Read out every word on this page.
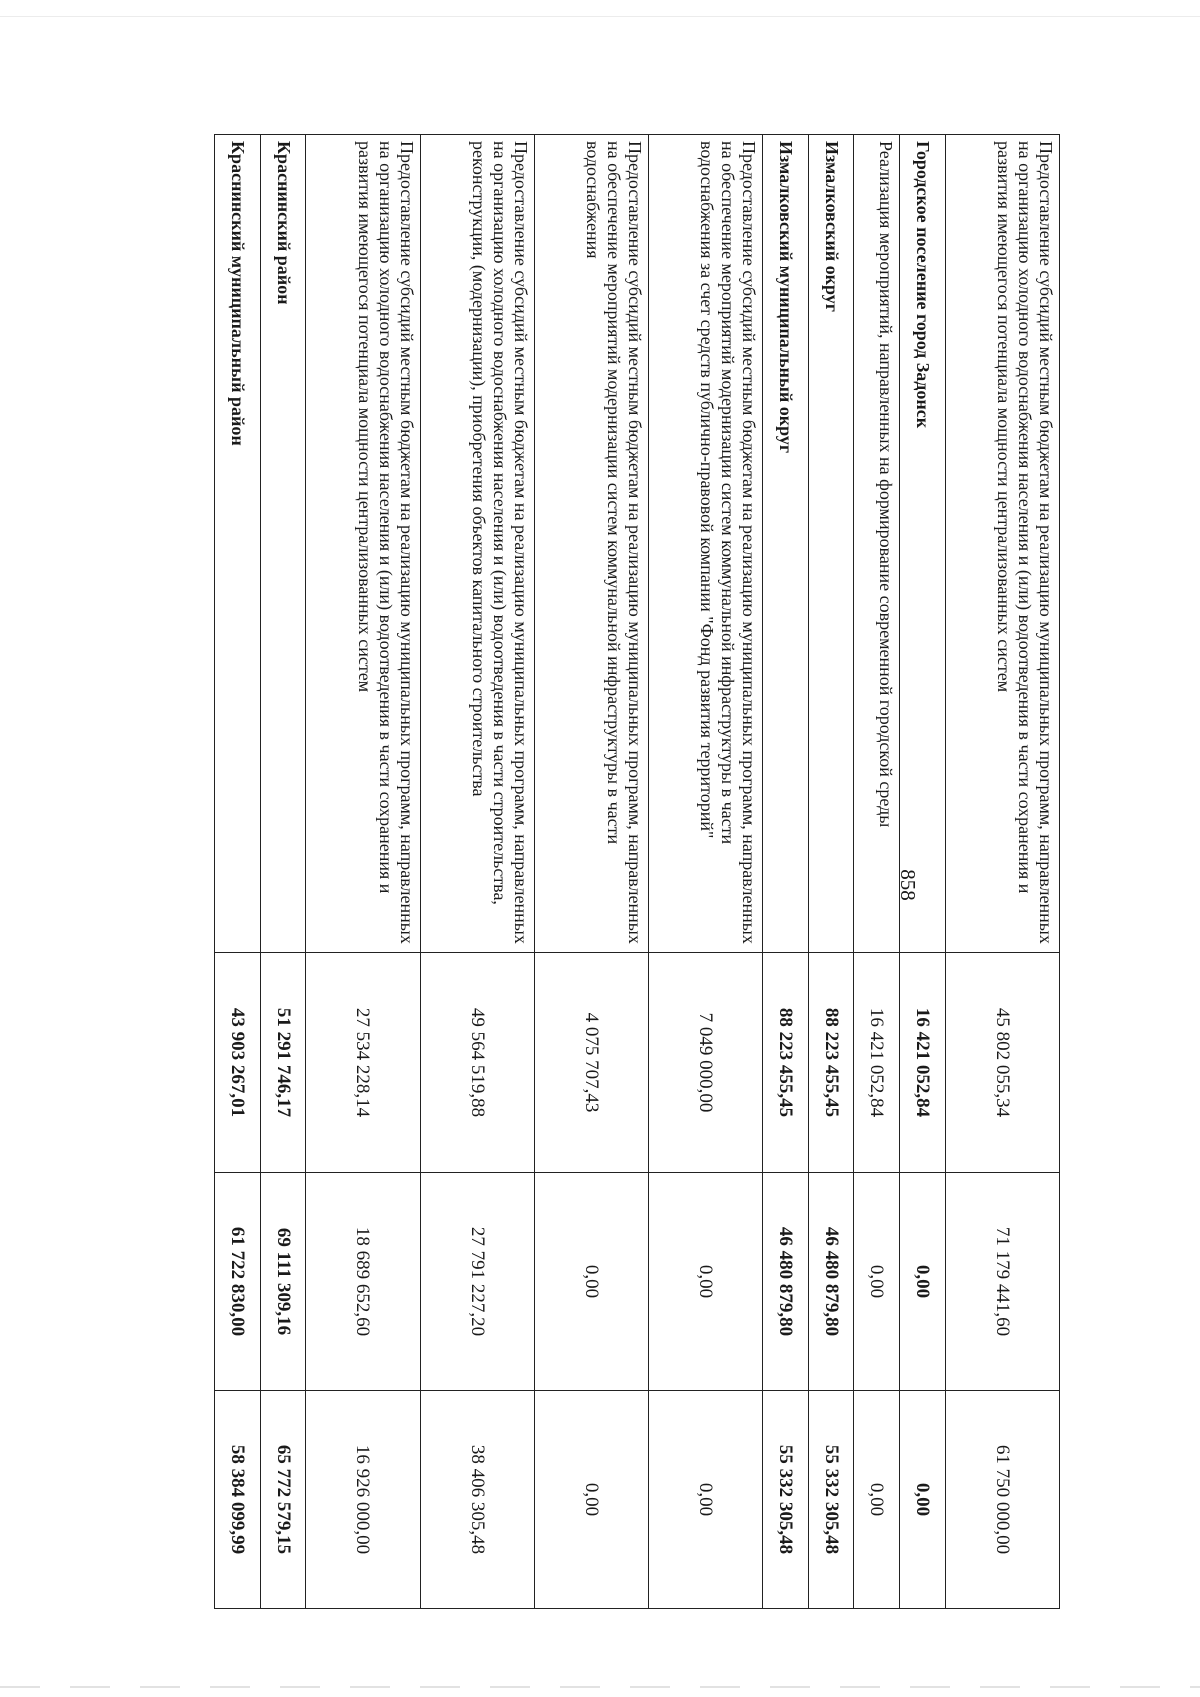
858	Предоставление субсидий местным бюджетам на реализацию муниципальных программ, направленных на организацию холодного водоснабжения населения и (или) водоотведения в части сохранения и развития имеющегося потенциала мощности централизованных систем	45 802 055,34	71 179 441,60	61 750 000,00
Городское поселение город Задонск	16 421 052,84	0,00	0,00
Реализация мероприятий, направленных на формирование современной городской среды	16 421 052,84	0,00	0,00
Измалковский округ	88 223 455,45	46 480 879,80	55 332 305,48
Измалковский муниципальный округ	88 223 455,45	46 480 879,80	55 332 305,48
Предоставление субсидий местным бюджетам на реализацию муниципальных программ, направленных на обеспечение мероприятий модернизации систем коммунальной инфраструктуры в части водоснабжения за счет средств публично-правовой компании "Фонд развития территорий"	7 049 000,00	0,00	0,00
Предоставление субсидий местным бюджетам на реализацию муниципальных программ, направленных на обеспечение мероприятий модернизации систем коммунальной инфраструктуры в части водоснабжения	4 075 707,43	0,00	0,00
Предоставление субсидий местным бюджетам на реализацию муниципальных программ, направленных на организацию холодного водоснабжения населения и (или) водоотведения в части строительства, реконструкции, (модернизации), приобретения объектов капитального строительства	49 564 519,88	27 791 227,20	38 406 305,48
Предоставление субсидий местным бюджетам на реализацию муниципальных программ, направленных на организацию холодного водоснабжения населения и (или) водоотведения в части сохранения и развития имеющегося потенциала мощности централизованных систем	27 534 228,14	18 689 652,60	16 926 000,00
Краснинский район	51 291 746,17	69 111 309,16	65 772 579,15
Краснинский муниципальный район	43 903 267,01	61 722 830,00	58 384 099,99
